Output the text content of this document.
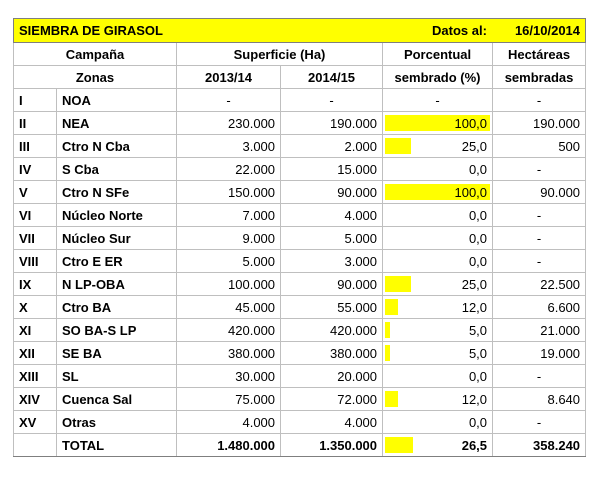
SIEMBRA DE GIRASOL			Datos al: 16/10/2014		
Campaña		Superficie (Ha)		Porcentual	Hectáreas
Zonas		2013/14	2014/15	sembrado (%)	sembradas
I	NOA	-	-	-	-
II	NEA	230.000	190.000	100,0	190.000
III	Ctro N Cba	3.000	2.000	25,0	500
IV	S Cba	22.000	15.000	0,0	-
V	Ctro N SFe	150.000	90.000	100,0	90.000
VI	Núcleo Norte	7.000	4.000	0,0	-
VII	Núcleo Sur	9.000	5.000	0,0	-
VIII	Ctro E ER	5.000	3.000	0,0	-
IX	N LP-OBA	100.000	90.000	25,0	22.500
X	Ctro BA	45.000	55.000	12,0	6.600
XI	SO BA-S LP	420.000	420.000	5,0	21.000
XII	SE BA	380.000	380.000	5,0	19.000
XIII	SL	30.000	20.000	0,0	-
XIV	Cuenca Sal	75.000	72.000	12,0	8.640
XV	Otras	4.000	4.000	0,0	-
	TOTAL	1.480.000	1.350.000	26,5	358.240
